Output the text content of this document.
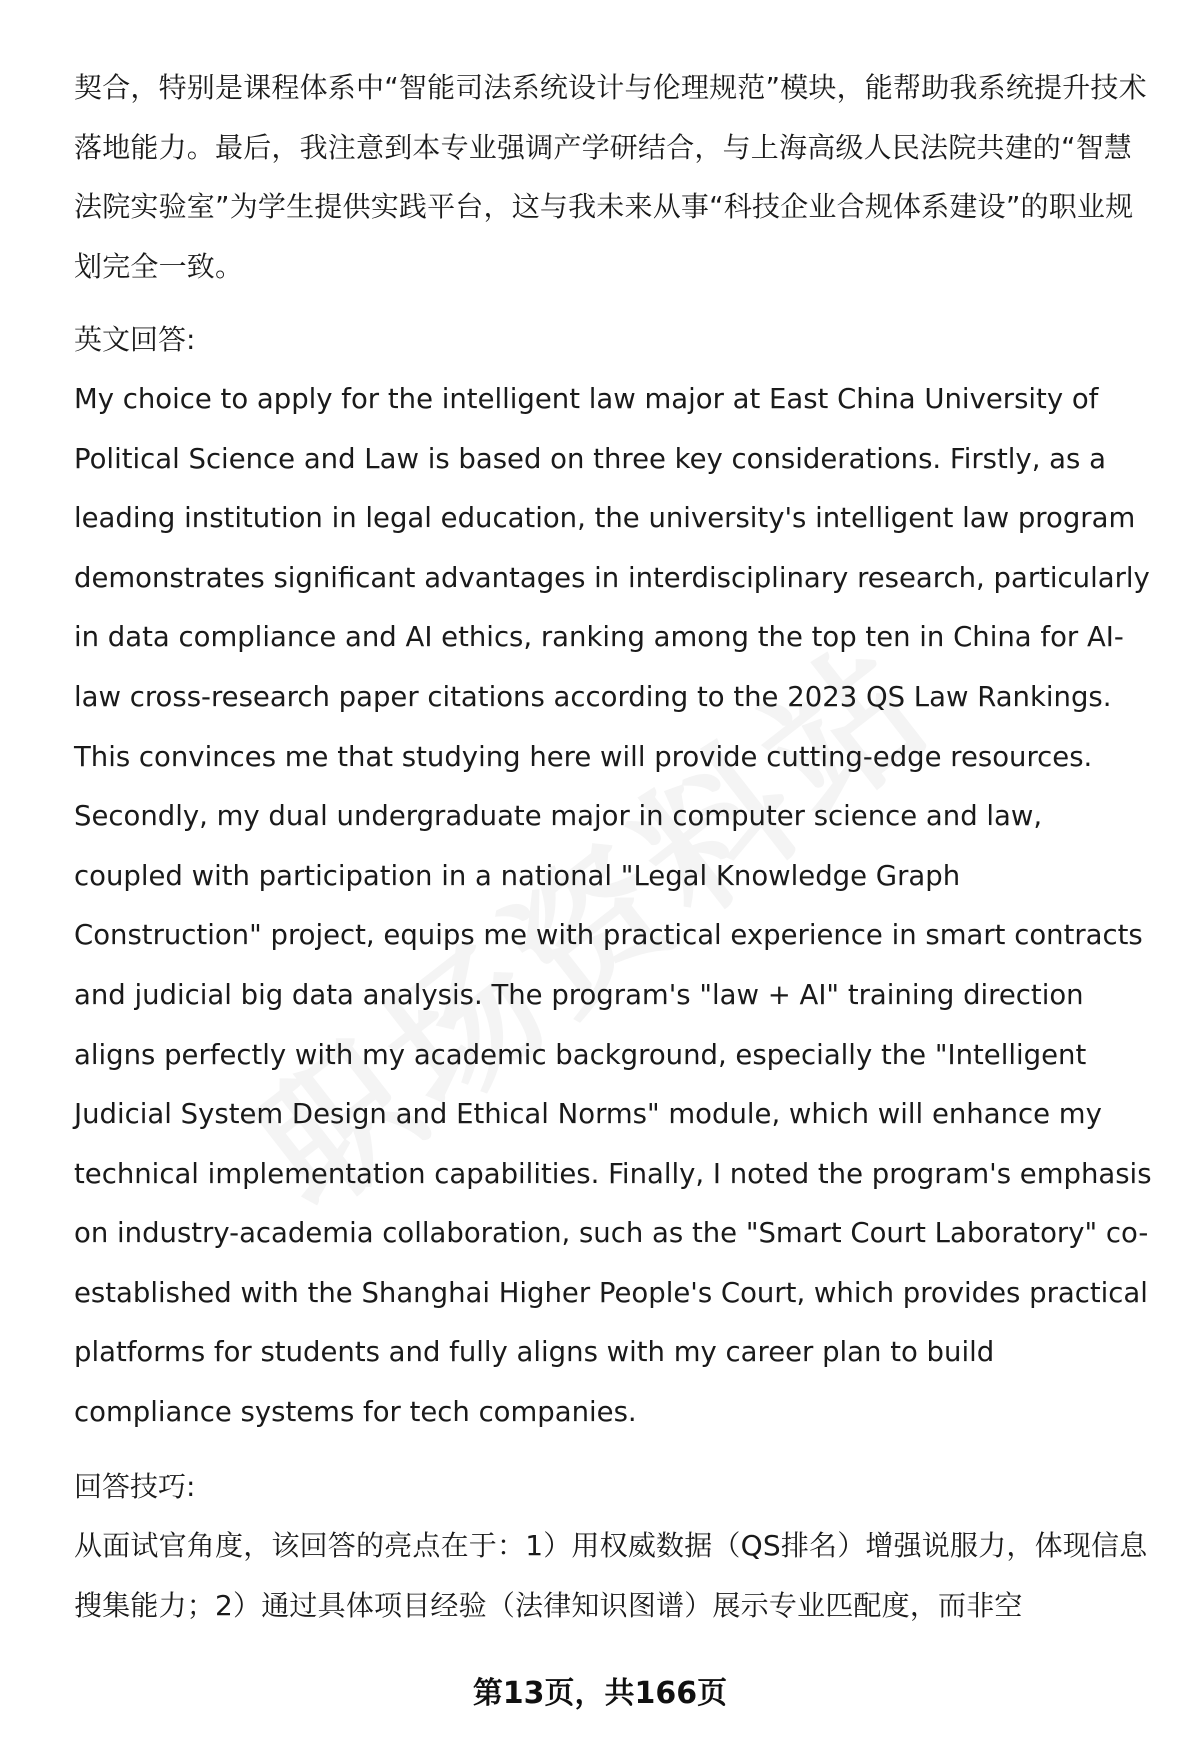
契合，特别是课程体系中“智能司法系统设计与伦理规范”模块，能帮助我系统提升技术落地能力。最后，我注意到本专业强调产学研结合，与上海高级人民法院共建的“智慧法院实验室”为学生提供实践平台，这与我未来从事“科技企业合规体系建设”的职业规划完全一致。

英文回答:

My choice to apply for the intelligent law major at East China University of Political Science and Law is based on three key considerations. Firstly, as a leading institution in legal education, the university's intelligent law program demonstrates significant advantages in interdisciplinary research, particularly in data compliance and AI ethics, ranking among the top ten in China for AI-law cross-research paper citations according to the 2023 QS Law Rankings. This convinces me that studying here will provide cutting-edge resources. Secondly, my dual undergraduate major in computer science and law, coupled with participation in a national "Legal Knowledge Graph Construction" project, equips me with practical experience in smart contracts and judicial big data analysis. The program's "law + AI" training direction aligns perfectly with my academic background, especially the "Intelligent Judicial System Design and Ethical Norms" module, which will enhance my technical implementation capabilities. Finally, I noted the program's emphasis on industry-academia collaboration, such as the "Smart Court Laboratory" co-established with the Shanghai Higher People's Court, which provides practical platforms for students and fully aligns with my career plan to build compliance systems for tech companies.

回答技巧:

从面试官角度，该回答的亮点在于：1）用权威数据（QS排名）增强说服力，体现信息搜集能力；2）通过具体项目经验（法律知识图谱）展示专业匹配度，而非空

第13页，共166页
